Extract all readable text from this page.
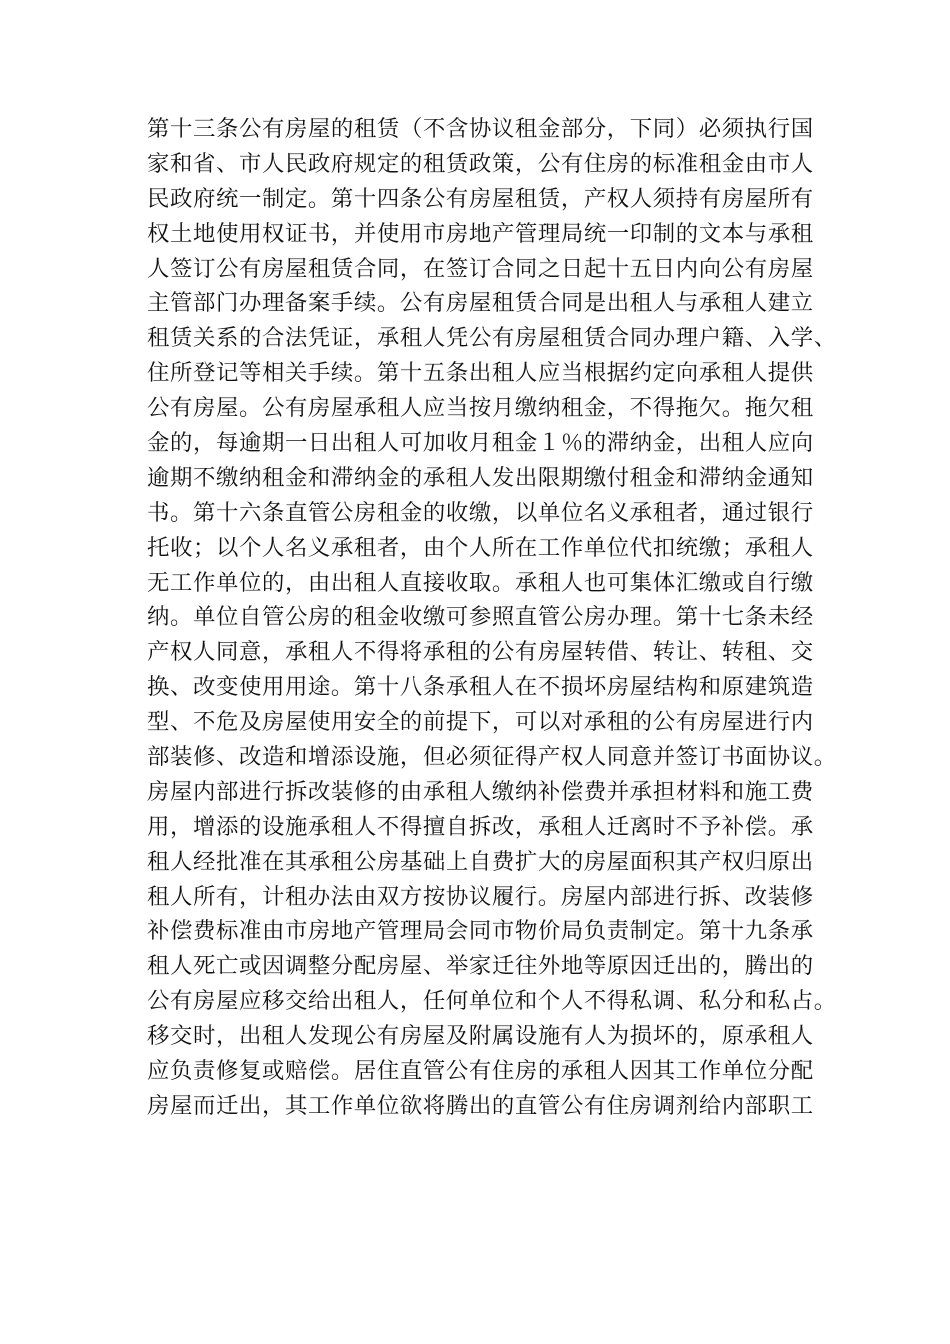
第十三条公有房屋的租赁（不含协议租金部分，下同）必须执行国
家和省、市人民政府规定的租赁政策，公有住房的标准租金由市人
民政府统一制定。第十四条公有房屋租赁，产权人须持有房屋所有
权土地使用权证书，并使用市房地产管理局统一印制的文本与承租
人签订公有房屋租赁合同，在签订合同之日起十五日内向公有房屋
主管部门办理备案手续。公有房屋租赁合同是出租人与承租人建立
租赁关系的合法凭证，承租人凭公有房屋租赁合同办理户籍、入学、
住所登记等相关手续。第十五条出租人应当根据约定向承租人提供
公有房屋。公有房屋承租人应当按月缴纳租金，不得拖欠。拖欠租
金的，每逾期一日出租人可加收月租金１％的滞纳金，出租人应向
逾期不缴纳租金和滞纳金的承租人发出限期缴付租金和滞纳金通知
书。第十六条直管公房租金的收缴，以单位名义承租者，通过银行
托收；以个人名义承租者，由个人所在工作单位代扣统缴；承租人
无工作单位的，由出租人直接收取。承租人也可集体汇缴或自行缴
纳。单位自管公房的租金收缴可参照直管公房办理。第十七条未经
产权人同意，承租人不得将承租的公有房屋转借、转让、转租、交
换、改变使用用途。第十八条承租人在不损坏房屋结构和原建筑造
型、不危及房屋使用安全的前提下，可以对承租的公有房屋进行内
部装修、改造和增添设施，但必须征得产权人同意并签订书面协议。
房屋内部进行拆改装修的由承租人缴纳补偿费并承担材料和施工费
用，增添的设施承租人不得擅自拆改，承租人迁离时不予补偿。承
租人经批准在其承租公房基础上自费扩大的房屋面积其产权归原出
租人所有，计租办法由双方按协议履行。房屋内部进行拆、改装修
补偿费标准由市房地产管理局会同市物价局负责制定。第十九条承
租人死亡或因调整分配房屋、举家迁往外地等原因迁出的，腾出的
公有房屋应移交给出租人，任何单位和个人不得私调、私分和私占。
移交时，出租人发现公有房屋及附属设施有人为损坏的，原承租人
应负责修复或赔偿。居住直管公有住房的承租人因其工作单位分配
房屋而迁出，其工作单位欲将腾出的直管公有住房调剂给内部职工
